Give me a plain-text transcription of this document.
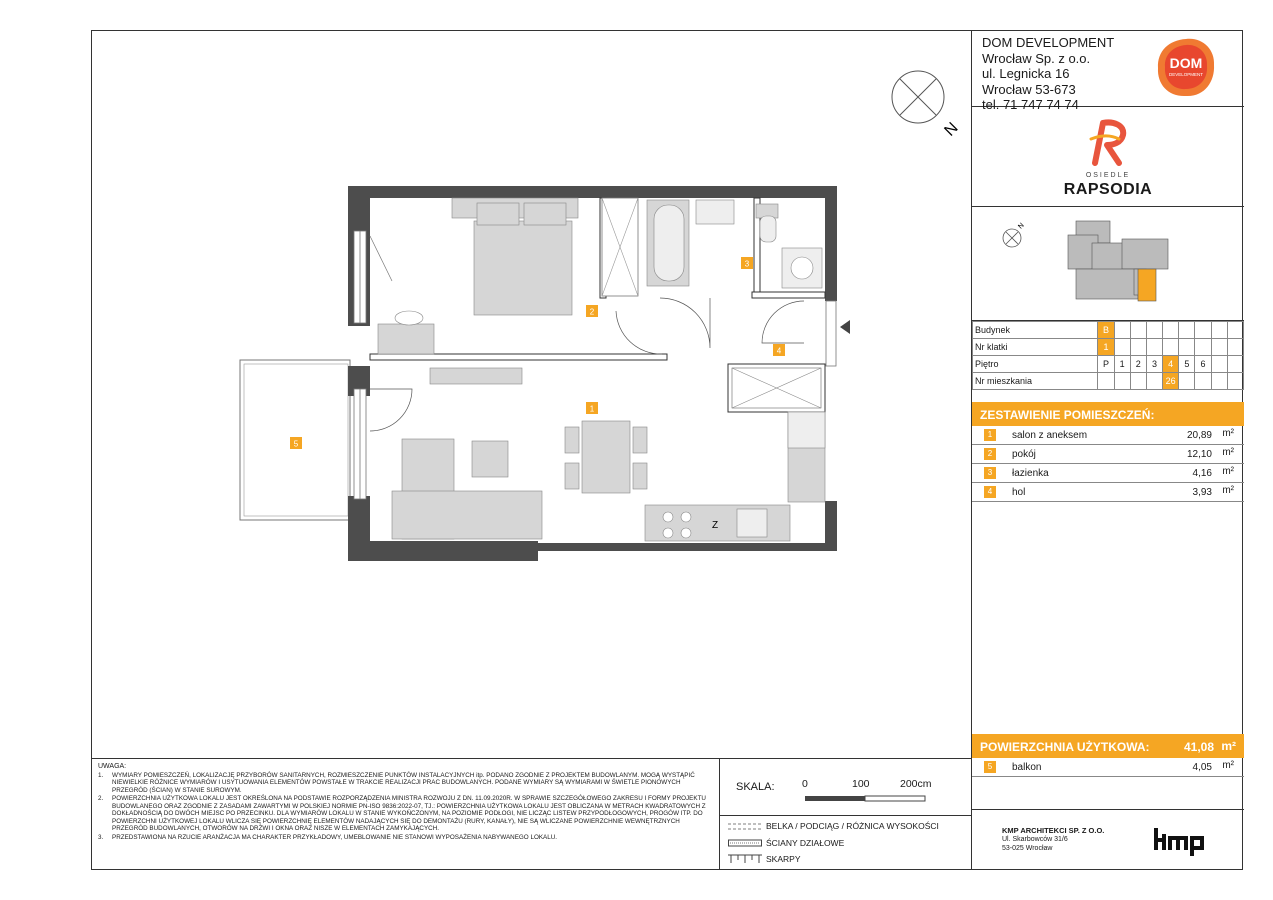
N
Z
2
3
4
1
5
UWAGA:
1. WYMIARY POMIESZCZEŃ, LOKALIZACJĘ PRZYBORÓW SANITARNYCH, ROZMIESZCZENIE PUNKTÓW INSTALACYJNYCH itp. PODANO ZGODNIE Z PROJEKTEM BUDOWLANYM. MOGĄ WYSTĄPIĆ NIEWIELKIE RÓŻNICE WYMIARÓW I USYTUOWANIA ELEMENTÓW POWSTAŁE W TRAKCIE REALIZACJI PRAC BUDOWLANYCH. PODANE WYMIARY SĄ WYMIARAMI W ŚWIETLE PIONOWYCH PRZEGRÓD (ŚCIAN) W STANIE SUROWYM.
2. POWIERZCHNIA UŻYTKOWA LOKALU JEST OKREŚLONA NA PODSTAWIE ROZPORZĄDZENIA MINISTRA ROZWOJU Z DN. 11.09.2020R. W SPRAWIE SZCZEGÓŁOWEGO ZAKRESU I FORMY PROJEKTU BUDOWLANEGO ORAZ ZGODNIE Z ZASADAMI ZAWARTYMI W POLSKIEJ NORMIE PN-ISO 9836:2022-07, TJ.: POWIERZCHNIA UŻYTKOWA LOKALU JEST OBLICZANA W METRACH KWADRATOWYCH Z DOKŁADNOŚCIĄ DO DWÓCH MIEJSC PO PRZECINKU. DLA WYMIARÓW LOKALU W STANIE WYKOŃCZONYM, NA POZIOMIE PODŁOGI, NIE LICZĄC LISTEW PRZYPODŁOGOWYCH, PROGÓW ITP. DO POWIERZCHNI UŻYTKOWEJ LOKALU WLICZA SIĘ POWIERZCHNIĘ ELEMENTÓW NADAJĄCYCH SIĘ DO DEMONTAŻU (RURY, KANAŁY), NIE SĄ WLICZANE POWIERZCHNIE WEWNĘTRZNYCH PRZEGRÓD BUDOWLANYCH, OTWORÓW NA DRZWI I OKNA ORAZ NISZE W ELEMENTACH ZAMYKAJĄCYCH.
3. PRZEDSTAWIONA NA RZUCIE ARANŻACJA MA CHARAKTER PRZYKŁADOWY, UMEBLOWANIE NIE STANOWI WYPOSAŻENIA NABYWANEGO LOKALU.
SKALA:	0	100	200cm
BELKA / PODCIĄG / RÓŻNICA WYSOKOŚCI
ŚCIANY DZIAŁOWE
SKARPY
DOM DEVELOPMENT
Wrocław Sp. z o.o.
ul. Legnicka 16
Wrocław 53-673
tel. 71 747 74 74
DOM
DEVELOPMENT
OSIEDLE
RAPSODIA
N
Budynek	B								
Nr klatki	1								
Piętro	P	1	2	3	4	5	6		
Nr mieszkania					26				
ZESTAWIENIE POMIESZCZEŃ:
1	salon z aneksem	20,89 m²
2	pokój	12,10 m²
3	łazienka	4,16 m²
4	hol	3,93 m²
POWIERZCHNIA UŻYTKOWA:	41,08 m²
5	balkon	4,05 m²
KMP ARCHITEKCI SP. Z O.O.
Ul. Skarbowców 31/6
53-025 Wrocław
